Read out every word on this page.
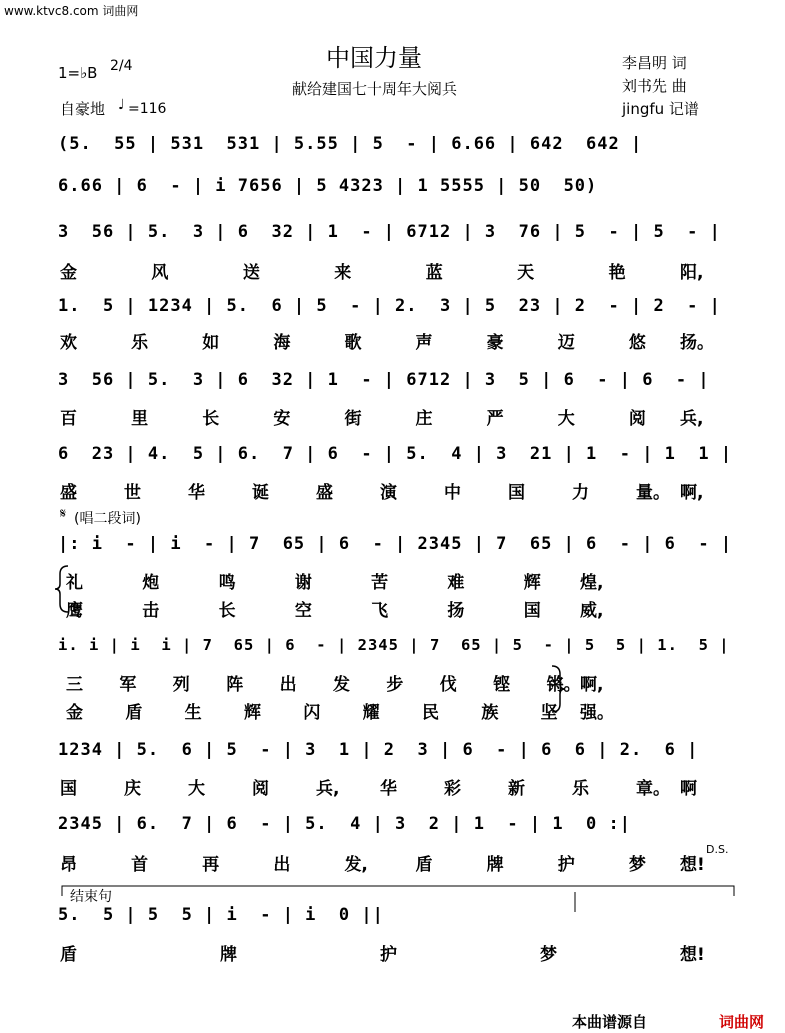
www.ktvc8.com 词曲网
中国力量
献给建国七十周年大阅兵
1=♭B 2/4
自豪地 ♩ =116
李昌明 词
刘书先 曲
jingfu 记谱
(5.  55 | 531  531 | 5.55 | 5  - | 6.66 | 642  642 |
6.66 | 6  - | i 7656 | 5 4323 | 1 5555 | 50  50)
3  56 | 5.  3 | 6  32 | 1  - | 6712 | 3  76 | 5  - | 5  - |
金	风	送	来	蓝	天	艳	阳,
1.  5 | 1234 | 5.  6 | 5  - | 2.  3 | 5  23 | 2  - | 2  - |
欢	乐	如	海	歌	声	豪	迈	悠 扬。
3  56 | 5.  3 | 6  32 | 1  - | 6712 | 3  5 | 6  - | 6  - |
百	里	长	安	街	庄	严	大	阅 兵,
6  23 | 4.  5 | 6.  7 | 6  - | 5.  4 | 3  21 | 1  - | 1  1 |
盛	世	华	诞	盛	演	中	国	力	量。 啊,
|: i  - | i  - | 7  65 | 6  - | 2345 | 7  65 | 6  - | 6  - |
礼	炮	鸣	谢	苦	难	辉 煌,
鹰	击	长	空	飞	扬	国 威,
i. i | i  i | 7  65 | 6  - | 2345 | 7  65 | 5  - | 5  5 | 1.  5 |
三 军 列 阵 出 发 步 伐 铿 锵。 啊,
金 盾 生 辉 闪 耀 民 族 坚 强。
1234 | 5.  6 | 5  - | 3  1 | 2  3 | 6  - | 6  6 | 2.  6 |
国	庆	大	阅	兵, 华	彩	新	乐	章。 啊
2345 | 6.  7 | 6  - | 5.  4 | 3  2 | 1  - | 1  0 :|
昂	首	再	出	发,	盾	牌	护	梦 想!
5.  5 | 5  5 | i  - | i  0 ||
盾	牌	护	梦	想!
𝄋 (唱二段词)
结束句
D.S.
本曲谱源自	词曲网
